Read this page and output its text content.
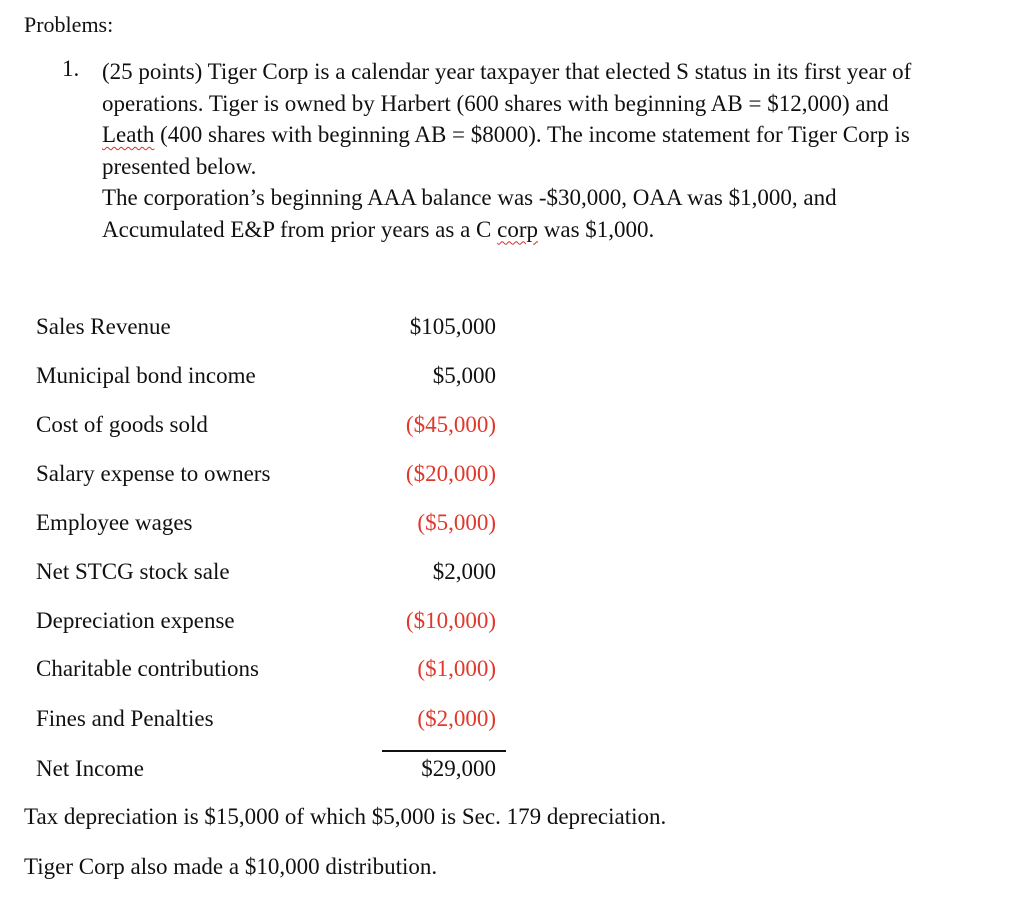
Problems:
1. (25 points) Tiger Corp is a calendar year taxpayer that elected S status in its first year of
operations. Tiger is owned by Harbert (600 shares with beginning AB = $12,000) and
Leath (400 shares with beginning AB = $8000). The income statement for Tiger Corp is
presented below.
The corporation’s beginning AAA balance was -$30,000, OAA was $1,000, and
Accumulated E&P from prior years as a C corp was $1,000.
Sales Revenue	$105,000
Municipal bond income	$5,000
Cost of goods sold	($45,000)
Salary expense to owners	($20,000)
Employee wages	($5,000)
Net STCG stock sale	$2,000
Depreciation expense	($10,000)
Charitable contributions	($1,000)
Fines and Penalties	($2,000)
Net Income	$29,000
Tax depreciation is $15,000 of which $5,000 is Sec. 179 depreciation.
Tiger Corp also made a $10,000 distribution.
